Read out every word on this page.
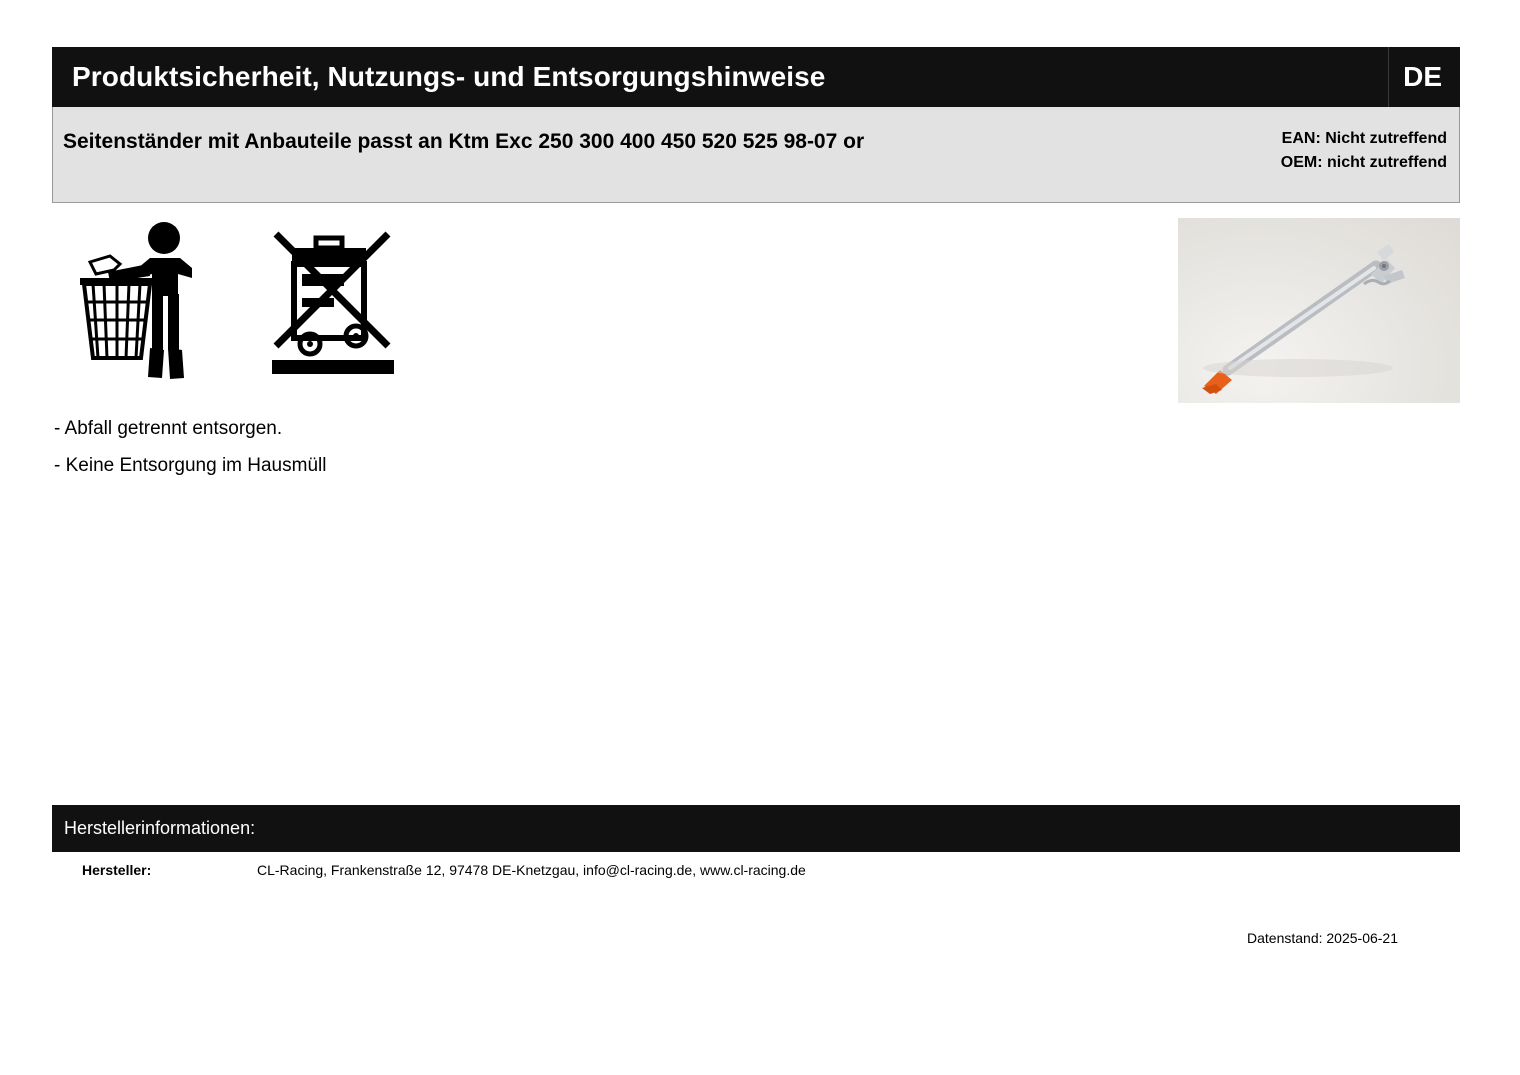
Produktsicherheit, Nutzungs- und Entsorgungshinweise	DE
Seitenständer mit Anbauteile passt an Ktm Exc 250 300 400 450 520 525 98-07 or	EAN: Nicht zutreffend
OEM: nicht zutreffend
- Abfall getrennt entsorgen.
- Keine Entsorgung im Hausmüll
Herstellerinformationen:
Hersteller:	CL-Racing, Frankenstraße 12, 97478 DE-Knetzgau, info@cl-racing.de, www.cl-racing.de
Datenstand: 2025-06-21
